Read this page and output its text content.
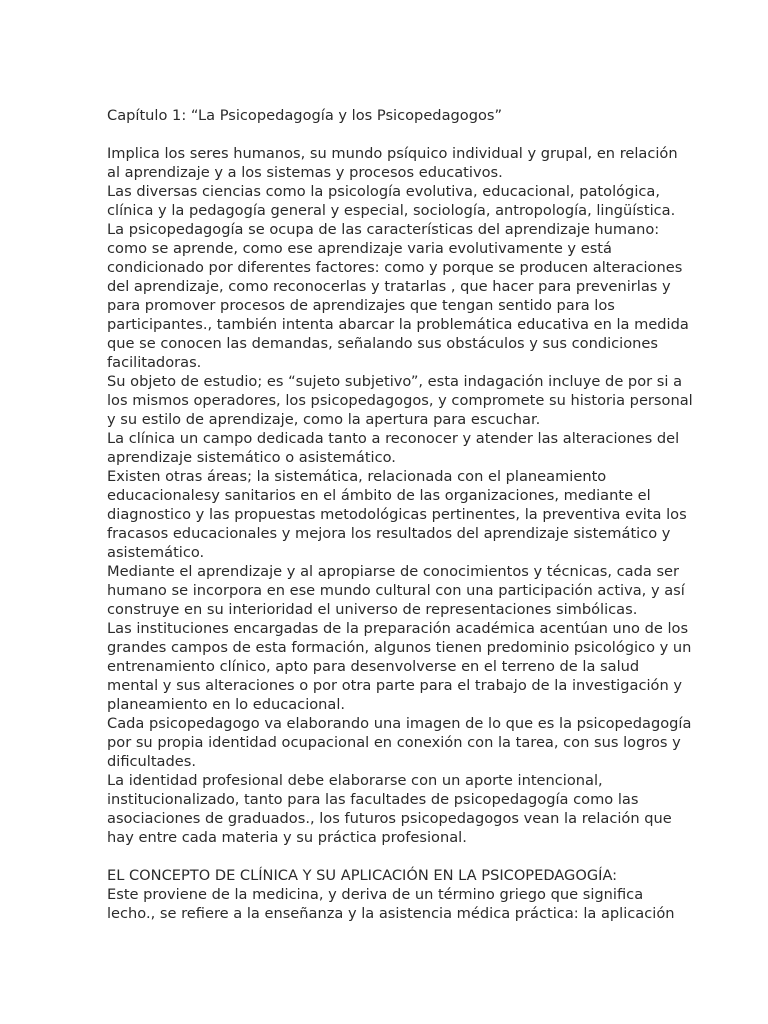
Capítulo 1: “La Psicopedagogía y los Psicopedagogos”

Implica los seres humanos, su mundo psíquico individual y grupal, en relación

al aprendizaje y a los sistemas y procesos educativos.

Las diversas ciencias como la psicología evolutiva, educacional, patológica,

clínica y la pedagogía general y especial, sociología, antropología, lingüística.

La psicopedagogía se ocupa de las características del aprendizaje humano:

como se aprende, como ese aprendizaje varia evolutivamente y está

condicionado por diferentes factores: como y porque se producen alteraciones

del aprendizaje, como reconocerlas y tratarlas , que hacer para prevenirlas y

para promover procesos de aprendizajes que tengan sentido para los

participantes., también intenta abarcar la problemática educativa en la medida

que se conocen las demandas, señalando sus obstáculos y sus condiciones

facilitadoras.

Su objeto de estudio; es “sujeto subjetivo”, esta indagación incluye de por si a

los mismos operadores, los psicopedagogos, y compromete su historia personal

y su estilo de aprendizaje, como la apertura para escuchar.

La clínica un campo dedicada tanto a reconocer y atender las alteraciones del

aprendizaje sistemático o asistemático.

Existen otras áreas; la sistemática, relacionada con el planeamiento

educacionalesy sanitarios en el ámbito de las organizaciones, mediante el

diagnostico y las propuestas metodológicas pertinentes, la preventiva evita los

fracasos educacionales y mejora los resultados del aprendizaje sistemático y

asistemático.

Mediante el aprendizaje y al apropiarse de conocimientos y técnicas, cada ser

humano se incorpora en ese mundo cultural con una participación activa, y así

construye en su interioridad el universo de representaciones simbólicas.

Las instituciones encargadas de la preparación académica acentúan uno de los

grandes campos de esta formación, algunos tienen predominio psicológico y un

entrenamiento clínico, apto para desenvolverse en el terreno de la salud

mental y sus alteraciones o por otra parte para el trabajo de la investigación y

planeamiento en lo educacional.

Cada psicopedagogo va elaborando una imagen de lo que es la psicopedagogía

por su propia identidad ocupacional en conexión con la tarea, con sus logros y

dificultades.

La identidad profesional debe elaborarse con un aporte intencional,

institucionalizado, tanto para las facultades de psicopedagogía como las

asociaciones de graduados., los futuros psicopedagogos vean la relación que

hay entre cada materia y su práctica profesional.

EL CONCEPTO DE CLÍNICA Y SU APLICACIÓN EN LA PSICOPEDAGOGÍA:

Este proviene de la medicina, y deriva de un término griego que significa

lecho., se refiere a la enseñanza y la asistencia médica práctica: la aplicación
